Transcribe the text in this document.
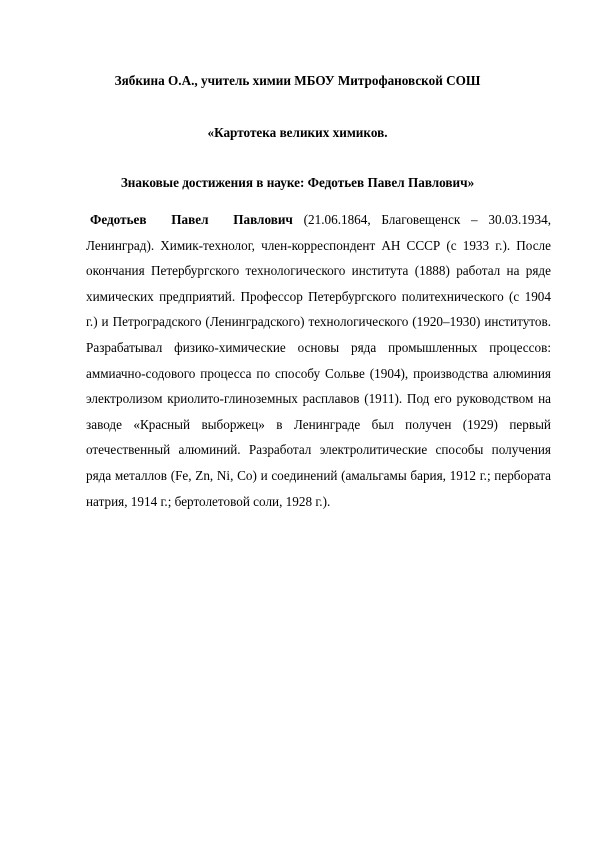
Зябкина О.А., учитель химии МБОУ Митрофановской СОШ
«Картотека великих химиков.
Знаковые достижения в науке: Федотьев Павел Павлович»

Федотьев Павел Павлович (21.06.1864, Благовещенск – 30.03.1934, Ленинград). Химик-технолог, член-корреспондент АН СССР (с 1933 г.). После окончания Петербургского технологического института (1888) работал на ряде химических предприятий. Профессор Петербургского политехнического (с 1904 г.) и Петроградского (Ленинградского) технологического (1920–1930) институтов. Разрабатывал физико-химические основы ряда промышленных процессов: аммиачно-содового процесса по способу Сольве (1904), производства алюминия электролизом криолито-глиноземных расплавов (1911). Под его руководством на заводе «Красный выборжец» в Ленинграде был получен (1929) первый отечественный алюминий. Разработал электролитические способы получения ряда металлов (Fe, Zn, Ni, Co) и соединений (амальгамы бария, 1912 г.; пербората натрия, 1914 г.; бертолетовой соли, 1928 г.).
